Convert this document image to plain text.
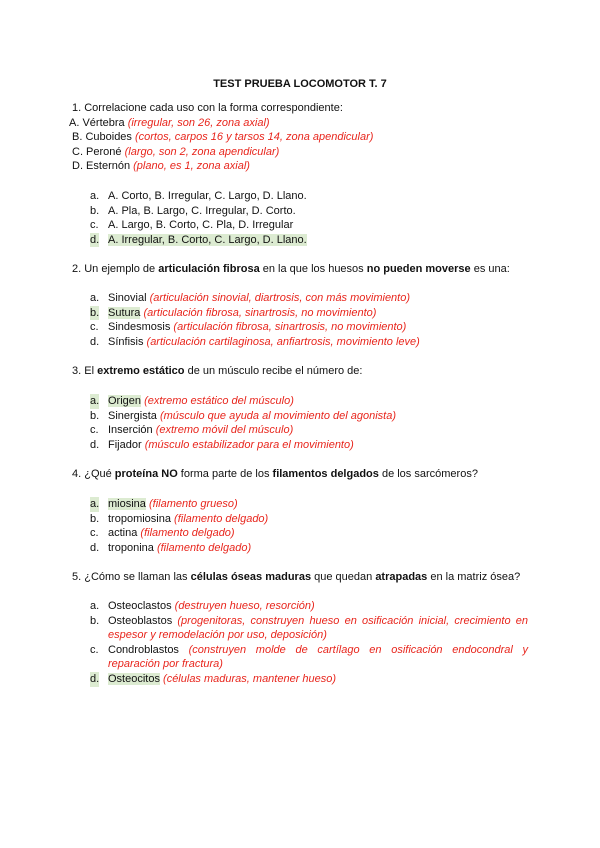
TEST PRUEBA LOCOMOTOR T. 7

1. Correlacione cada uso con la forma correspondiente:

A. Vértebra (irregular, son 26, zona axial)

B. Cuboides (cortos, carpos 16 y tarsos 14, zona apendicular)

C. Peroné (largo, son 2, zona apendicular)

D. Esternón (plano, es 1, zona axial)

a. A. Corto, B. Irregular, C. Largo, D. Llano.
b. A. Pla, B. Largo, C. Irregular, D. Corto.
c. A. Largo, B. Corto, C. Pla, D. Irregular
d. A. Irregular, B. Corto, C. Largo, D. Llano.

2. Un ejemplo de articulación fibrosa en la que los huesos no pueden moverse es una:

a. Sinovial (articulación sinovial, diartrosis, con más movimiento)
b. Sutura (articulación fibrosa, sinartrosis, no movimiento)
c. Sindesmosis (articulación fibrosa, sinartrosis, no movimiento)
d. Sínfisis (articulación cartilaginosa, anfiartrosis, movimiento leve)

3. El extremo estático de un músculo recibe el número de:

a. Origen (extremo estático del músculo)
b. Sinergista (músculo que ayuda al movimiento del agonista)
c. Inserción (extremo móvil del músculo)
d. Fijador (músculo estabilizador para el movimiento)

4. ¿Qué proteína NO forma parte de los filamentos delgados de los sarcómeros?

a. miosina (filamento grueso)
b. tropomiosina (filamento delgado)
c. actina (filamento delgado)
d. troponina (filamento delgado)

5. ¿Cómo se llaman las células óseas maduras que quedan atrapadas en la matriz ósea?

a. Osteoclastos (destruyen hueso, resorción)
b. Osteoblastos (progenitoras, construyen hueso en osificación inicial, crecimiento en espesor y remodelación por uso, deposición)
c. Condroblastos (construyen molde de cartílago en osificación endocondral y reparación por fractura)
d. Osteocitos (células maduras, mantener hueso)
